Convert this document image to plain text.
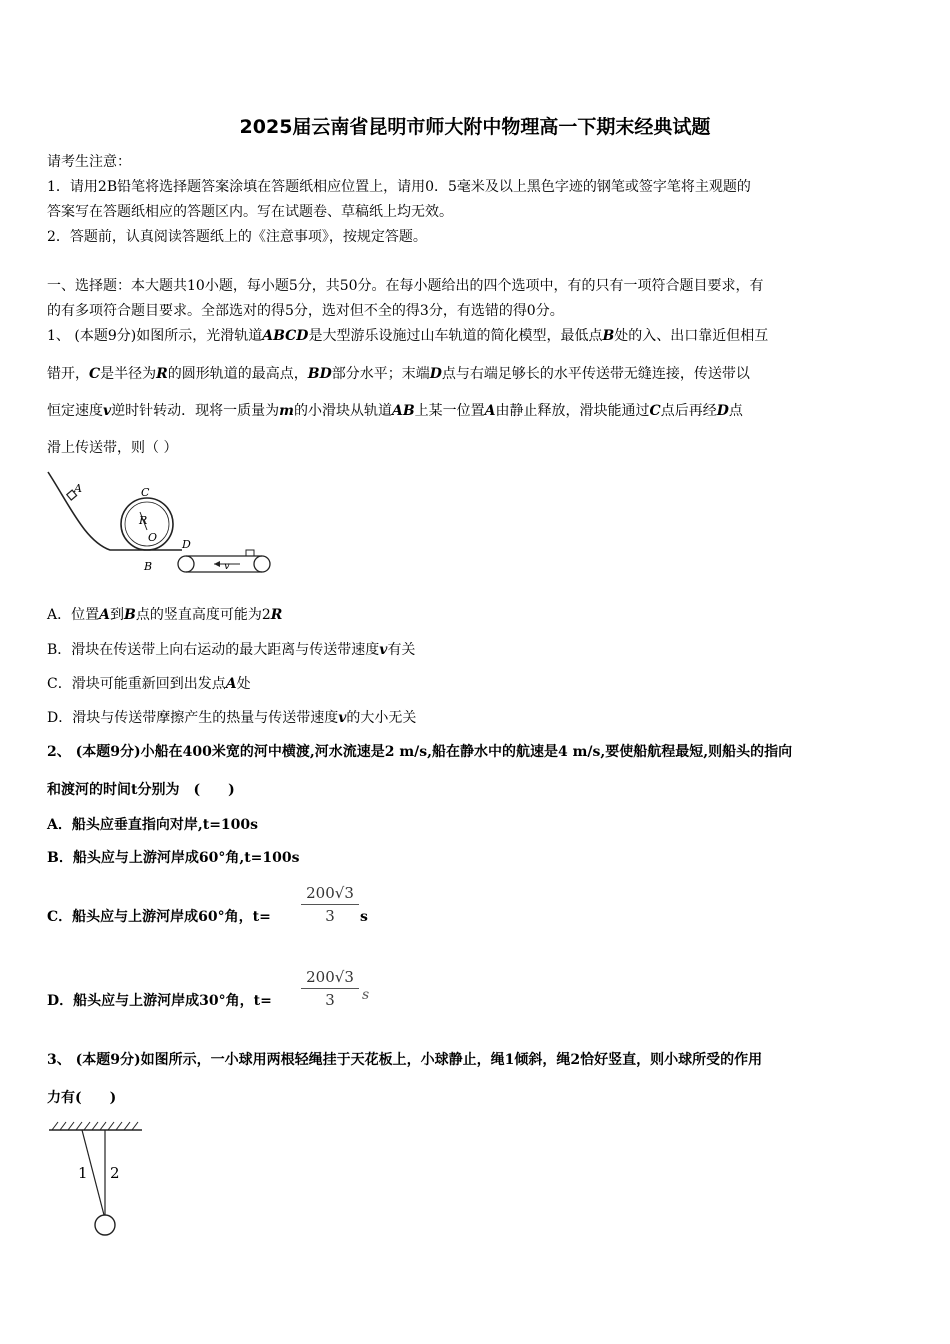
2025届云南省昆明市师大附中物理高一下期末经典试题
请考生注意：
1．请用2B铅笔将选择题答案涂填在答题纸相应位置上，请用0．5毫米及以上黑色字迹的钢笔或签字笔将主观题的
答案写在答题纸相应的答题区内。写在试题卷、草稿纸上均无效。
2．答题前，认真阅读答题纸上的《注意事项》，按规定答题。
一、选择题：本大题共10小题，每小题5分，共50分。在每小题给出的四个选项中，有的只有一项符合题目要求，有
的有多项符合题目要求。全部选对的得5分，选对但不全的得3分，有选错的得0分。
1、 (本题9分)如图所示，光滑轨道ABCD是大型游乐设施过山车轨道的简化模型，最低点B处的入、出口靠近但相互
错开，C是半径为R的圆形轨道的最高点，BD部分水平；末端D点与右端足够长的水平传送带无缝连接，传送带以
恒定速度v逆时针转动．现将一质量为m的小滑块从轨道AB上某一位置A由静止释放，滑块能通过C点后再经D点
滑上传送带，则（ ）
A	C
R
O
D
B	v
A．位置A到B点的竖直高度可能为2R
B．滑块在传送带上向右运动的最大距离与传送带速度v有关
C．滑块可能重新回到出发点A处
D．滑块与传送带摩擦产生的热量与传送带速度v的大小无关
2、 (本题9分)小船在400米宽的河中横渡,河水流速是2 m/s,船在静水中的航速是4 m/s,要使船航程最短,则船头的指向
和渡河的时间t分别为　(　　)
A．船头应垂直指向对岸,t=100s
B．船头应与上游河岸成60°角,t=100s
C．船头应与上游河岸成60°角，$t= \frac{200√3}{3}$ s
D．船头应与上游河岸成30°角，$t= \frac{200√3}{3}$ s
3、 (本题9分)如图所示，一小球用两根轻绳挂于天花板上，小球静止，绳1倾斜，绳2恰好竖直，则小球所受的作用
力有(　　)
1 2
